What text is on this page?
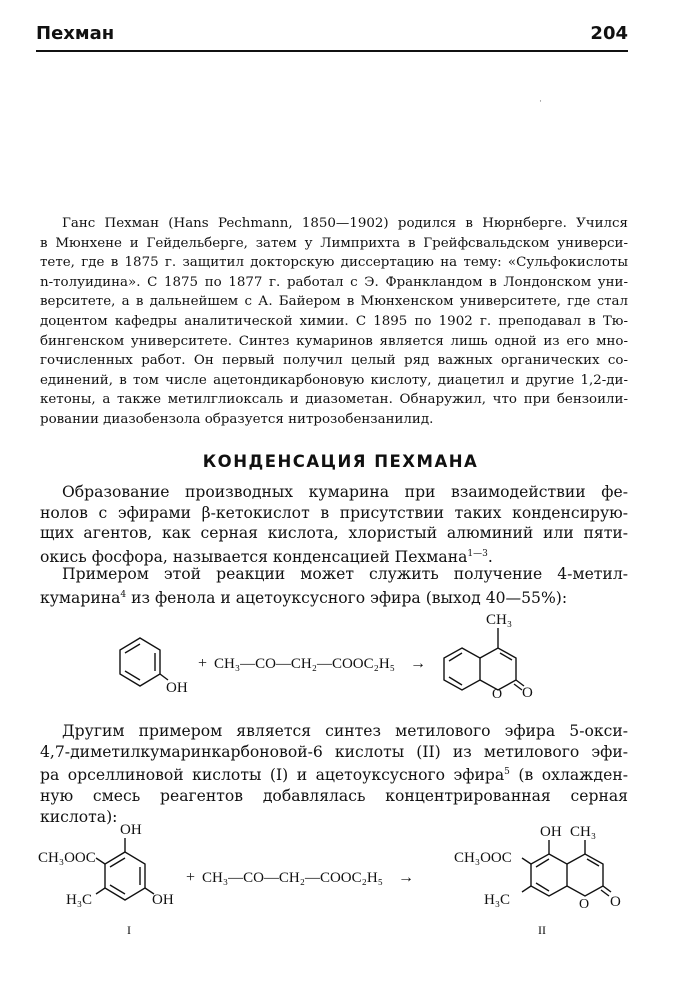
Пехман	204
˙
Ганс Пехман (Hans Pechmann, 1850—1902) родился в Нюрнберге. Учился
в Мюнхене и Гейдельберге, затем у Лимприхта в Грейфсвальдском универси-
тете, где в 1875 г. защитил докторскую диссертацию на тему: «Сульфокислоты
n-толуидина». С 1875 по 1877 г. работал с Э. Франкландом в Лондонском уни-
верситете, а в дальнейшем с А. Байером в Мюнхенском университете, где стал
доцентом кафедры аналитической химии. С 1895 по 1902 г. преподавал в Тю-
бингенском университете. Синтез кумаринов является лишь одной из его мно-
гочисленных работ. Он первый получил целый ряд важных органических со-
единений, в том числе ацетондикарбоновую кислоту, диацетил и другие 1,2-ди-
кетоны, а также метилглиоксаль и диазометан. Обнаружил, что при бензоили-
ровании диазобензола образуется нитрозобензанилид.
КОНДЕНСАЦИЯ ПЕХМАНА
Образование производных кумарина при взаимодействии фе-
нолов с эфирами β-кетокислот в присутствии таких конденсирую-
щих агентов, как серная кислота, хлористый алюминий или пяти-
окись фосфора, называется конденсацией Пехмана$^{1—3}$.
Примером этой реакции может служить получение 4-метил-
кумарина$^4$ из фенола и ацетоуксусного эфира (выход 40—55%):
OH
+ CH₃—CO—CH₂—COOC₂H₅ →
CH₃
O O
Другим примером является синтез метилового эфира 5-окси-
4,7-диметилкумаринкарбоновой-6 кислоты (II) из метилового эфи-
ра орселлиновой кислоты (I) и ацетоуксусного эфира$^5$ (в охлажден-
ную смесь реагентов добавлялась концентрированная серная
кислота):
OH
CH₃OOC
H₃C	OH
I
+ CH₃—CO—CH₂—COOC₂H₅ →
OH CH₃
CH₃OOC
H₃C	O O
II
